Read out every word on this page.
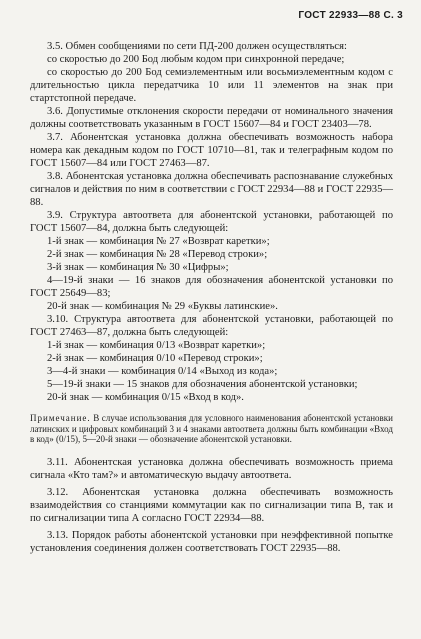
ГОСТ 22933—88 С. 3

3.5. Обмен сообщениями по сети ПД-200 должен осуществляться:

со скоростью до 200 Бод любым кодом при синхронной передаче;

со скоростью до 200 Бод семиэлементным или восьмиэлементным кодом с длительностью цикла передатчика 10 или 11 элементов на знак при стартстопной передаче.

3.6. Допустимые отклонения скорости передачи от номинального значения должны соответствовать указанным в ГОСТ 15607—84 и ГОСТ 23403—78.

3.7. Абонентская установка должна обеспечивать возможность набора номера как декадным кодом по ГОСТ 10710—81, так и телеграфным кодом по ГОСТ 15607—84 или ГОСТ 27463—87.

3.8. Абонентская установка должна обеспечивать распознавание служебных сигналов и действия по ним в соответствии с ГОСТ 22934—88 и ГОСТ 22935—88.

3.9. Структура автоответа для абонентской установки, работающей по ГОСТ 15607—84, должна быть следующей:

1-й знак — комбинация № 27 «Возврат каретки»;

2-й знак — комбинация № 28 «Перевод строки»;

3-й знак — комбинация № 30 «Цифры»;

4—19-й знаки — 16 знаков для обозначения абонентской установки по ГОСТ 25649—83;

20-й знак — комбинация № 29 «Буквы латинские».

3.10. Структура автоответа для абонентской установки, работающей по ГОСТ 27463—87, должна быть следующей:

1-й знак — комбинация 0/13 «Возврат каретки»;

2-й знак — комбинация 0/10 «Перевод строки»;

3—4-й знаки — комбинация 0/14 «Выход из кода»;

5—19-й знаки — 15 знаков для обозначения абонентской установки;

20-й знак — комбинация 0/15 «Вход в код».

Примечание. В случае использования для условного наименования абонентской установки латинских и цифровых комбинаций 3 и 4 знаками автоответа должны быть комбинации «Вход в код» (0/15), 5—20-й знаки — обозначение абонентской установки.

3.11. Абонентская установка должна обеспечивать возможность приема сигнала «Кто там?» и автоматическую выдачу автоответа.

3.12. Абонентская установка должна обеспечивать возможность взаимодействия со станциями коммутации как по сигнализации типа В, так и по сигнализации типа А согласно ГОСТ 22934—88.

3.13. Порядок работы абонентской установки при неэффективной попытке установления соединения должен соответствовать ГОСТ 22935—88.
